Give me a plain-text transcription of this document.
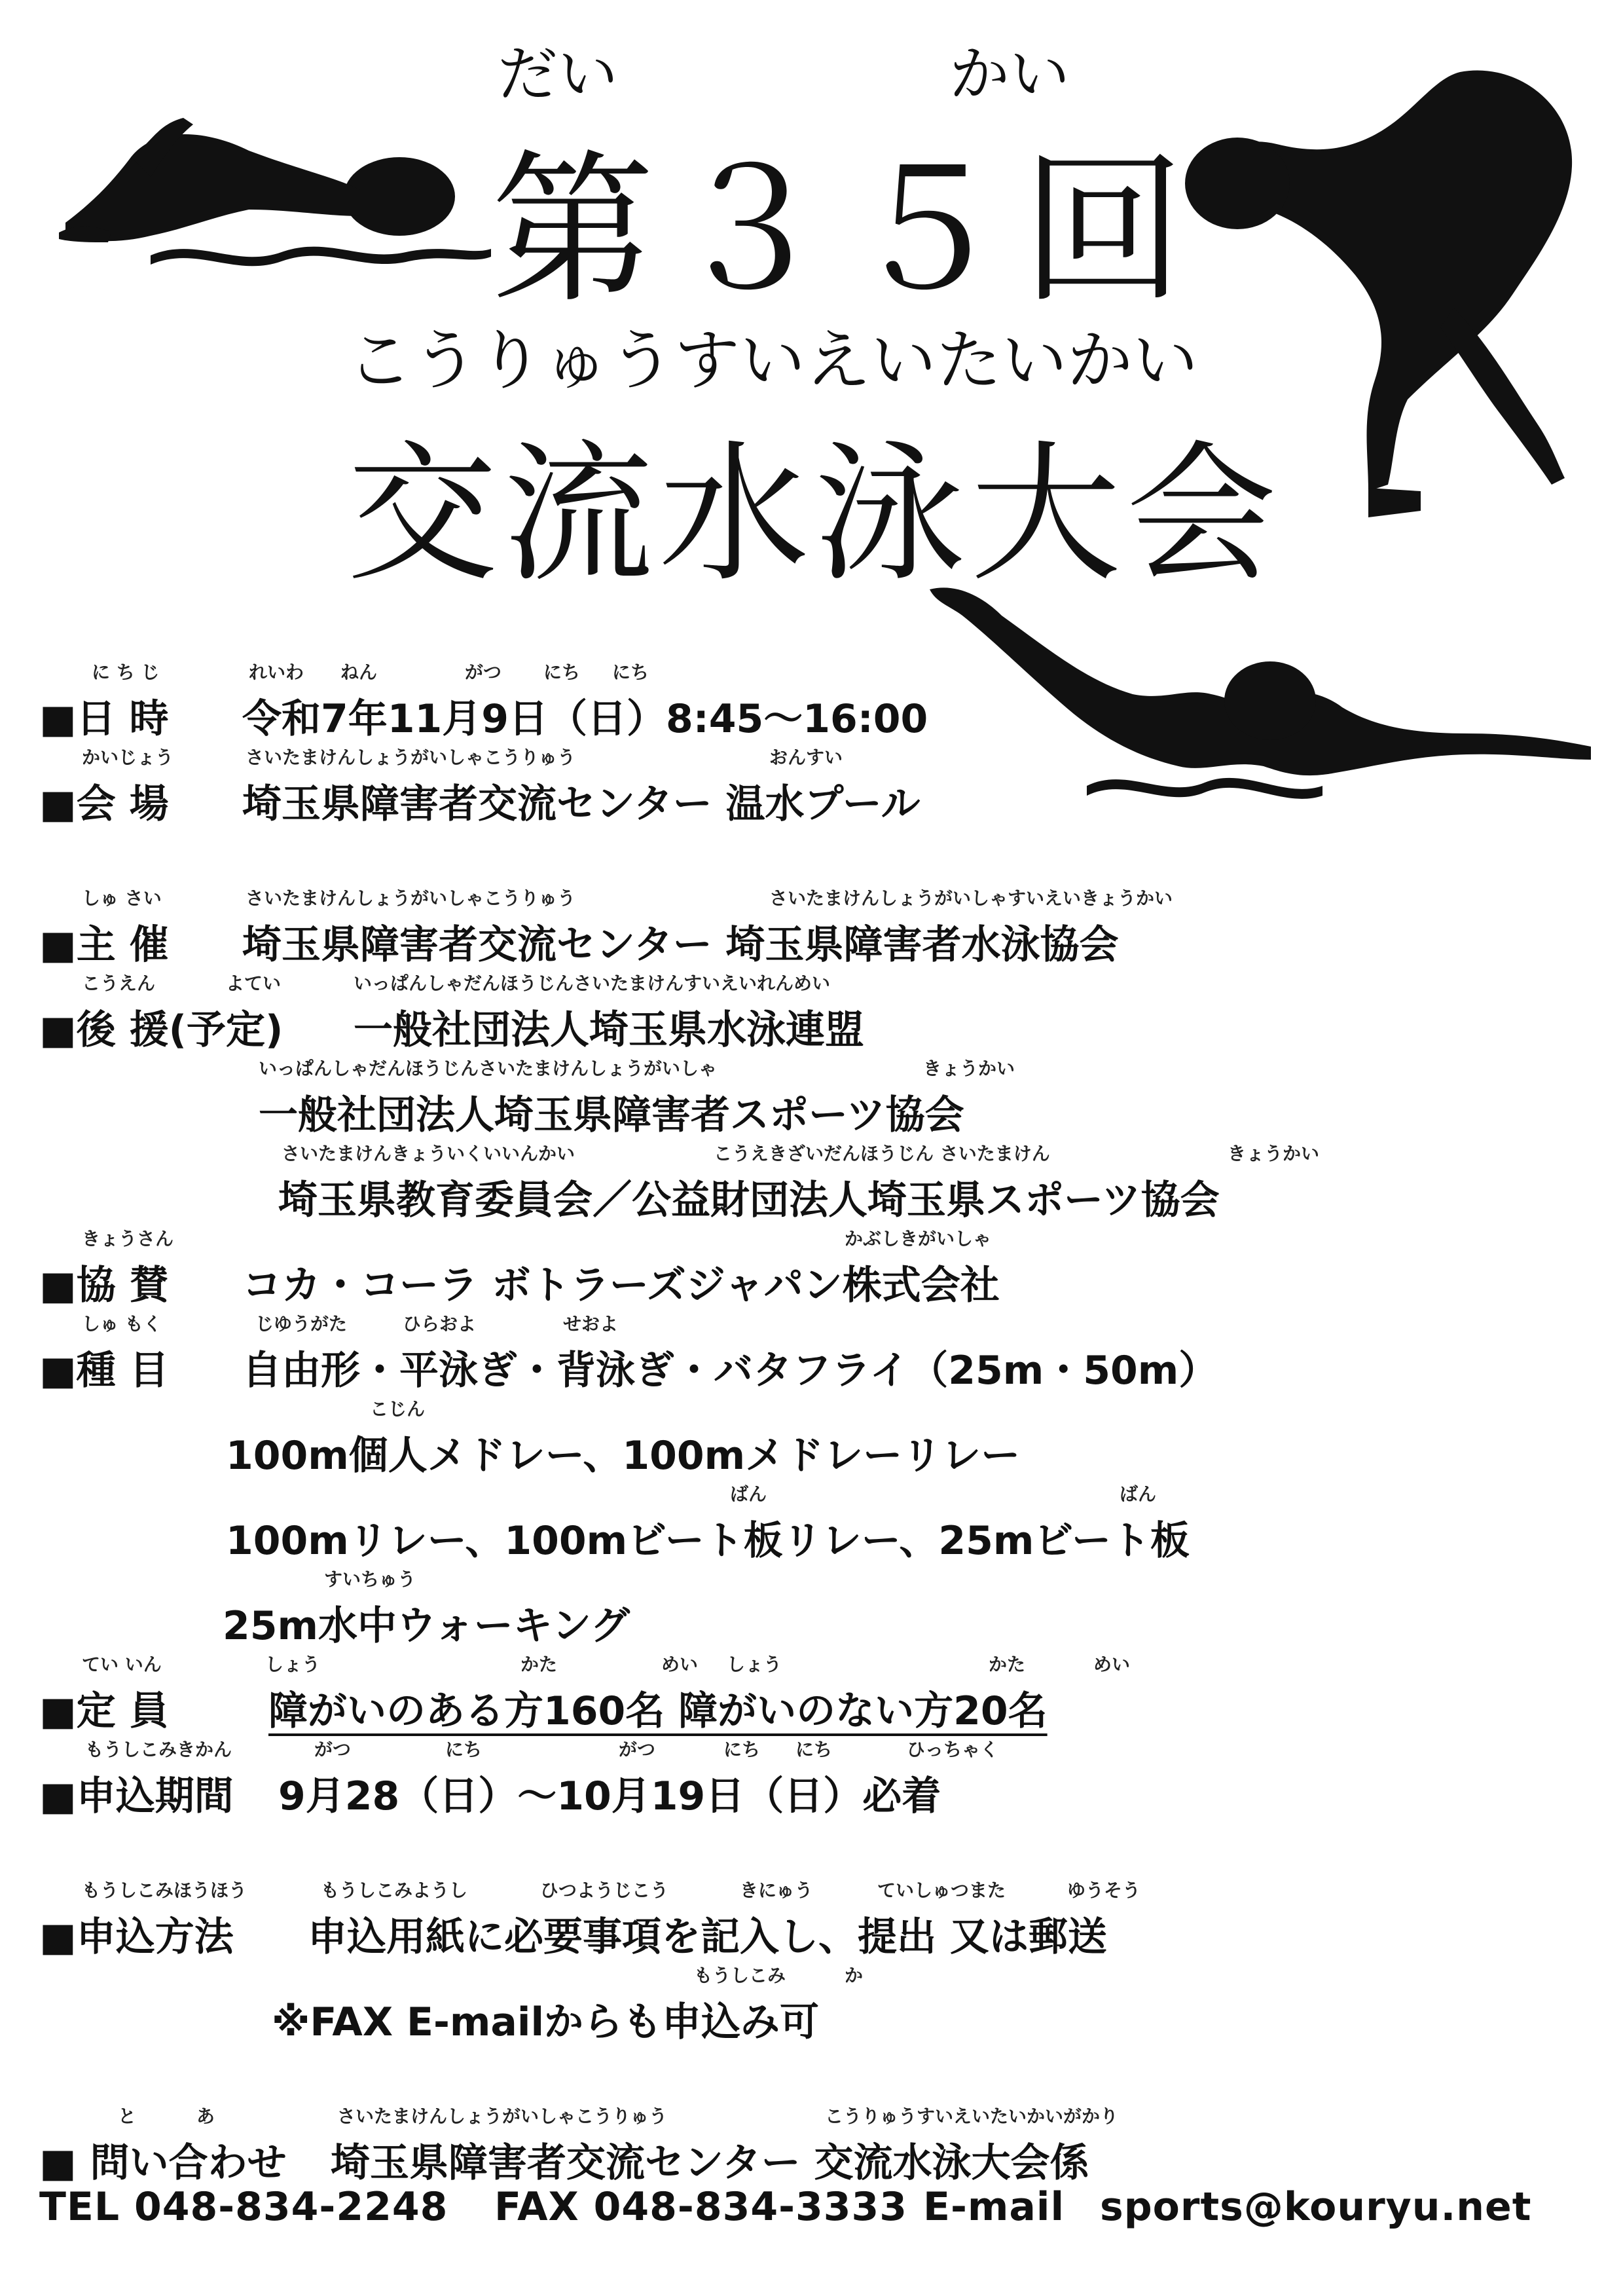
だい	かい
第３５回
こうりゅうすいえいたいかい
交流水泳大会
に ち じ	れいわ ねん	がつ にち にち
■日 時 令和7年11月9日（日）8:45～16:00
かいじょう	さいたまけんしょうがいしゃこうりゅう	おんすい
■会 場 埼玉県障害者交流センター 温水プール
しゅ さい	さいたまけんしょうがいしゃこうりゅう	さいたまけんしょうがいしゃすいえいきょうかい
■主 催 埼玉県障害者交流センター 埼玉県障害者水泳協会
こうえん	よてい	いっぱんしゃだんほうじんさいたまけんすいえいれんめい
■後 援(予定) 一般社団法人埼玉県水泳連盟
いっぱんしゃだんほうじんさいたまけんしょうがいしゃ	きょうかい
一般社団法人埼玉県障害者スポーツ協会
さいたまけんきょういくいいんかい	こうえきざいだんほうじん さいたまけん	きょうかい
埼玉県教育委員会／公益財団法人埼玉県スポーツ協会
きょうさん	かぶしきがいしゃ
■協 賛 コカ・コーラ ボトラーズジャパン株式会社
しゅ もく	じゆうがた	ひらおよ	せおよ
■種 目 自由形・平泳ぎ・背泳ぎ・バタフライ（25m・50m）
こじん
100m個人メドレー、100mメドレーリレー
ばん	ばん
100mリレー、100mビート板リレー、25mビート板
すいちゅう
25m水中ウォーキング
てい いん	しょう	かた	めい しょう	かた	めい
■定 員	障がいのある方160名 障がいのない方20名
もうしこみきかん	がつ	にち	がつ	にち にち	ひっちゃく
■申込期間 9月28（日）～10月19日（日）必着
もうしこみほうほう	もうしこみようし	ひつようじこう	きにゅう	ていしゅつまた	ゆうそう
■申込方法 申込用紙に必要事項を記入し、提出 又は郵送
もうしこみ	か
※FAX E-mailからも申込み可
と	あ	さいたまけんしょうがいしゃこうりゅう	こうりゅうすいえいたいかいがかり
■ 問い合わせ 埼玉県障害者交流センター 交流水泳大会係
TEL 048-834-2248 FAX 048-834-3333 E-mail sports@kouryu.net
